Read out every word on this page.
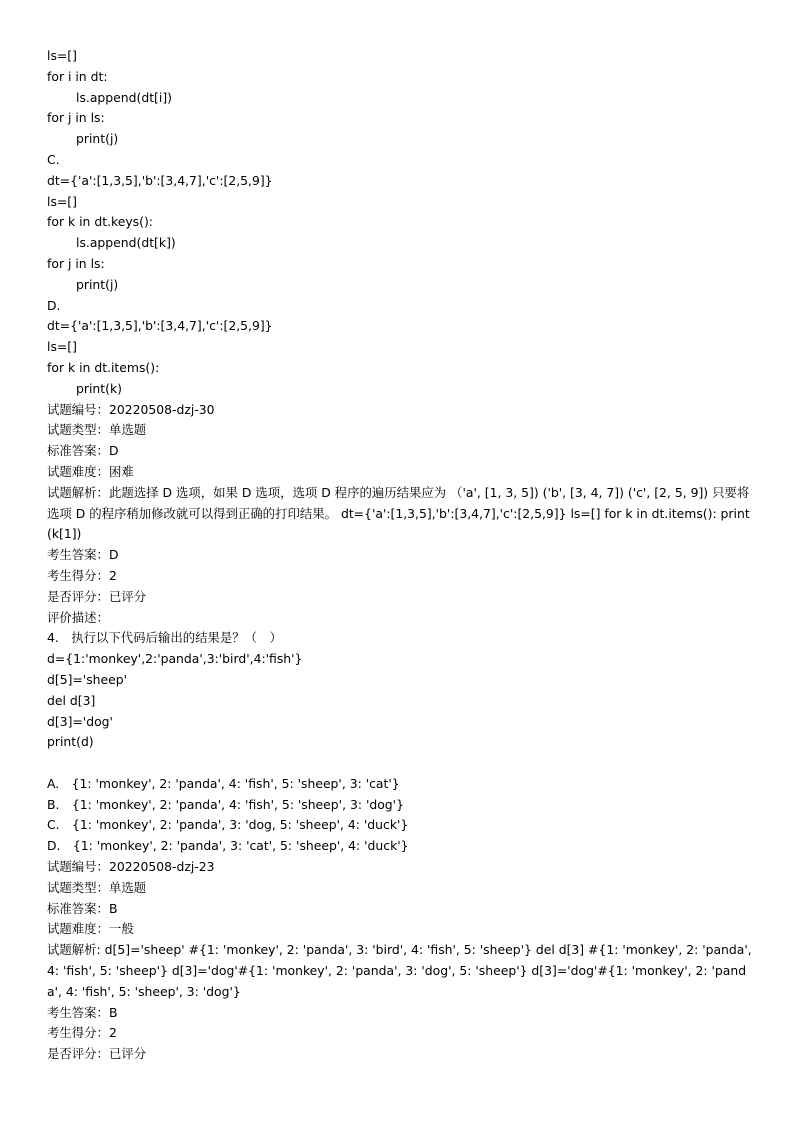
ls=[]
for i in dt:
ls.append(dt[i])
for j in ls:
print(j)
C.
dt={'a':[1,3,5],'b':[3,4,7],'c':[2,5,9]}
ls=[]
for k in dt.keys():
ls.append(dt[k])
for j in ls:
print(j)
D.
dt={'a':[1,3,5],'b':[3,4,7],'c':[2,5,9]}
ls=[]
for k in dt.items():
print(k)
试题编号：20220508-dzj-30
试题类型：单选题
标准答案：D
试题难度：困难
试题解析：此题选择 D 选项，如果 D 选项，选项 D 程序的遍历结果应为 （'a', [1, 3, 5]) ('b', [3, 4, 7]) ('c', [2, 5, 9]) 只要将选项 D 的程序稍加修改就可以得到正确的打印结果。 dt={'a':[1,3,5],'b':[3,4,7],'c':[2,5,9]} ls=[] for k in dt.items(): print(k[1])
考生答案：D
考生得分：2
是否评分：已评分
评价描述：
4.　执行以下代码后输出的结果是？（　）
d={1:'monkey',2:'panda',3:'bird',4:'fish'}
d[5]='sheep'
del d[3]
d[3]='dog'
print(d)
A.　{1: 'monkey', 2: 'panda', 4: 'fish', 5: 'sheep', 3: 'cat'}
B.　{1: 'monkey', 2: 'panda', 4: 'fish', 5: 'sheep', 3: 'dog'}
C.　{1: 'monkey', 2: 'panda', 3: 'dog, 5: 'sheep', 4: 'duck'}
D.　{1: 'monkey', 2: 'panda', 3: 'cat', 5: 'sheep', 4: 'duck'}
试题编号：20220508-dzj-23
试题类型：单选题
标准答案：B
试题难度：一般
试题解析: d[5]='sheep' #{1: 'monkey', 2: 'panda', 3: 'bird', 4: 'fish', 5: 'sheep'} del d[3] #{1: 'monkey', 2: 'panda', 4: 'fish', 5: 'sheep'} d[3]='dog'#{1: 'monkey', 2: 'panda', 3: 'dog', 5: 'sheep'} d[3]='dog'#{1: 'monkey', 2: 'panda', 4: 'fish', 5: 'sheep', 3: 'dog'}
考生答案：B
考生得分：2
是否评分：已评分
